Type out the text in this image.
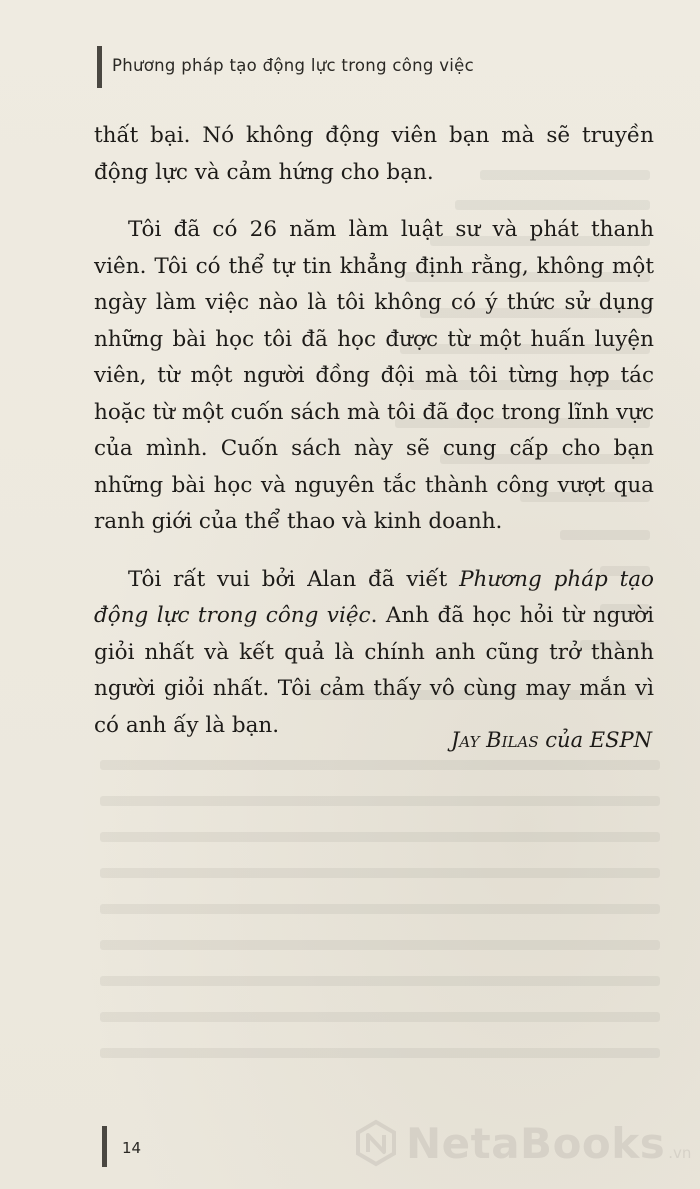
Phương pháp tạo động lực trong công việc

thất bại. Nó không động viên bạn mà sẽ truyền động lực và cảm hứng cho bạn.

Tôi đã có 26 năm làm luật sư và phát thanh viên. Tôi có thể tự tin khẳng định rằng, không một ngày làm việc nào là tôi không có ý thức sử dụng những bài học tôi đã học được từ một huấn luyện viên, từ một người đồng đội mà tôi từng hợp tác hoặc từ một cuốn sách mà tôi đã đọc trong lĩnh vực của mình. Cuốn sách này sẽ cung cấp cho bạn những bài học và nguyên tắc thành công vượt qua ranh giới của thể thao và kinh doanh.

Tôi rất vui bởi Alan đã viết Phương pháp tạo động lực trong công việc. Anh đã học hỏi từ người giỏi nhất và kết quả là chính anh cũng trở thành người giỏi nhất. Tôi cảm thấy vô cùng may mắn vì có anh ấy là bạn.

Jay Bilas của ESPN
14	NetaBooks .vn
